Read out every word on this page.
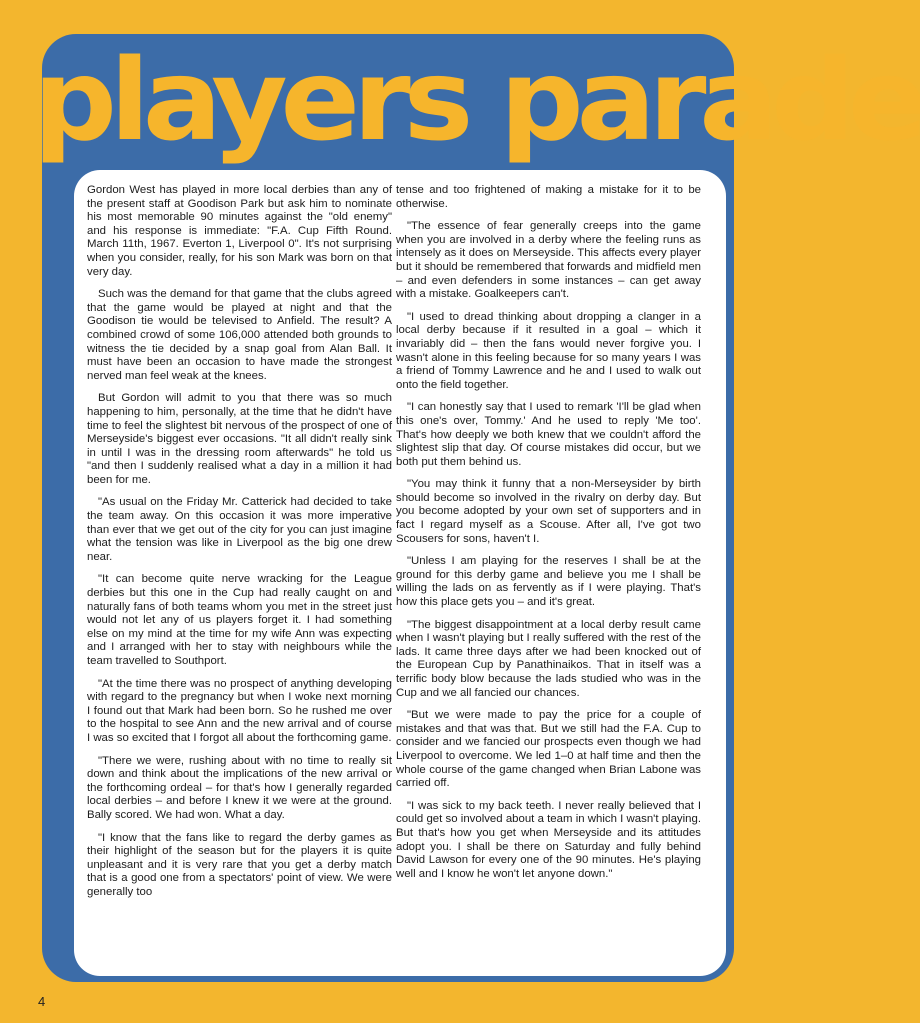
players parade

Gordon West has played in more local derbies than any of the present staff at Goodison Park but ask him to nominate his most memorable 90 minutes against the "old enemy" and his response is immediate: "F.A. Cup Fifth Round. March 11th, 1967. Everton 1, Liverpool 0". It's not surprising when you consider, really, for his son Mark was born on that very day.

Such was the demand for that game that the clubs agreed that the game would be played at night and that the Goodison tie would be televised to Anfield. The result? A combined crowd of some 106,000 attended both grounds to witness the tie decided by a snap goal from Alan Ball. It must have been an occasion to have made the strongest nerved man feel weak at the knees.

But Gordon will admit to you that there was so much happening to him, personally, at the time that he didn't have time to feel the slightest bit nervous of the prospect of one of Merseyside's biggest ever occasions. "It all didn't really sink in until I was in the dressing room afterwards" he told us "and then I suddenly realised what a day in a million it had been for me.

"As usual on the Friday Mr. Catterick had decided to take the team away. On this occasion it was more imperative than ever that we get out of the city for you can just imagine what the tension was like in Liverpool as the big one drew near.

"It can become quite nerve wracking for the League derbies but this one in the Cup had really caught on and naturally fans of both teams whom you met in the street just would not let any of us players forget it. I had something else on my mind at the time for my wife Ann was expecting and I arranged with her to stay with neighbours while the team travelled to Southport.

"At the time there was no prospect of anything developing with regard to the pregnancy but when I woke next morning I found out that Mark had been born. So he rushed me over to the hospital to see Ann and the new arrival and of course I was so excited that I forgot all about the forthcoming game.

"There we were, rushing about with no time to really sit down and think about the implications of the new arrival or the forthcoming ordeal – for that's how I generally regarded local derbies – and before I knew it we were at the ground. Bally scored. We had won. What a day.

"I know that the fans like to regard the derby games as their highlight of the season but for the players it is quite unpleasant and it is very rare that you get a derby match that is a good one from a spectators' point of view. We were generally too

tense and too frightened of making a mistake for it to be otherwise.

"The essence of fear generally creeps into the game when you are involved in a derby where the feeling runs as intensely as it does on Merseyside. This affects every player but it should be remembered that forwards and midfield men – and even defenders in some instances – can get away with a mistake. Goalkeepers can't.

"I used to dread thinking about dropping a clanger in a local derby because if it resulted in a goal – which it invariably did – then the fans would never forgive you. I wasn't alone in this feeling because for so many years I was a friend of Tommy Lawrence and he and I used to walk out onto the field together.

"I can honestly say that I used to remark 'I'll be glad when this one's over, Tommy.' And he used to reply 'Me too'. That's how deeply we both knew that we couldn't afford the slightest slip that day. Of course mistakes did occur, but we both put them behind us.

"You may think it funny that a non-Merseysider by birth should become so involved in the rivalry on derby day. But you become adopted by your own set of supporters and in fact I regard myself as a Scouse. After all, I've got two Scousers for sons, haven't I.

"Unless I am playing for the reserves I shall be at the ground for this derby game and believe you me I shall be willing the lads on as fervently as if I were playing. That's how this place gets you – and it's great.

"The biggest disappointment at a local derby result came when I wasn't playing but I really suffered with the rest of the lads. It came three days after we had been knocked out of the European Cup by Panathinaikos. That in itself was a terrific body blow because the lads studied who was in the Cup and we all fancied our chances.

"But we were made to pay the price for a couple of mistakes and that was that. But we still had the F.A. Cup to consider and we fancied our prospects even though we had Liverpool to overcome. We led 1–0 at half time and then the whole course of the game changed when Brian Labone was carried off.

"I was sick to my back teeth. I never really believed that I could get so involved about a team in which I wasn't playing. But that's how you get when Merseyside and its attitudes adopt you. I shall be there on Saturday and fully behind David Lawson for every one of the 90 minutes. He's playing well and I know he won't let anyone down."

4
